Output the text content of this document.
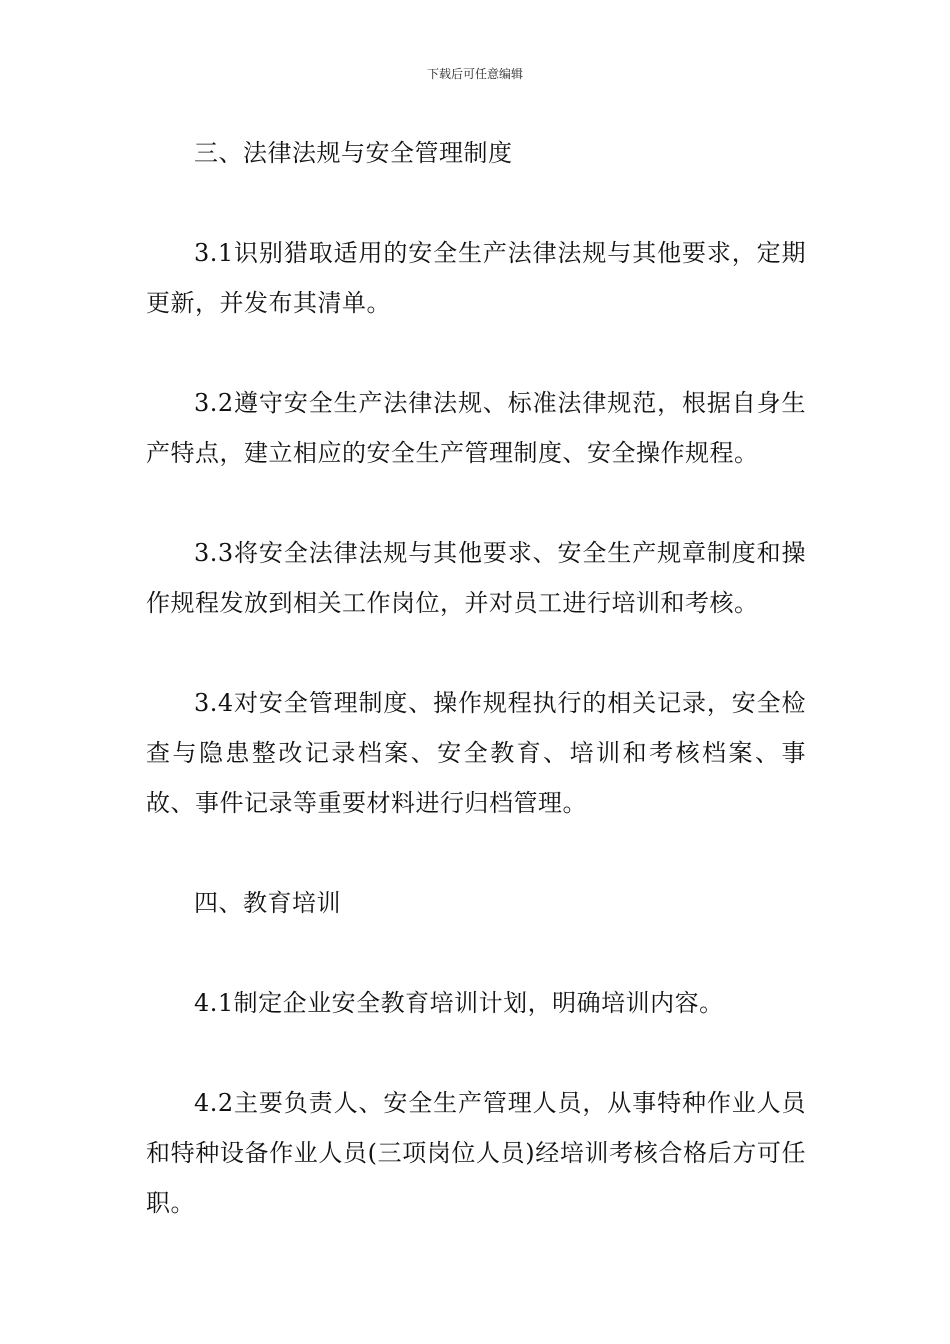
下载后可任意编辑

三、法律法规与安全管理制度

3.1识别猎取适用的安全生产法律法规与其他要求，定期更新，并发布其清单。

3.2遵守安全生产法律法规、标准法律规范，根据自身生产特点，建立相应的安全生产管理制度、安全操作规程。

3.3将安全法律法规与其他要求、安全生产规章制度和操作规程发放到相关工作岗位，并对员工进行培训和考核。

3.4对安全管理制度、操作规程执行的相关记录，安全检查与隐患整改记录档案、安全教育、培训和考核档案、事故、事件记录等重要材料进行归档管理。

四、教育培训

4.1制定企业安全教育培训计划，明确培训内容。

4.2主要负责人、安全生产管理人员，从事特种作业人员和特种设备作业人员(三项岗位人员)经培训考核合格后方可任职。
